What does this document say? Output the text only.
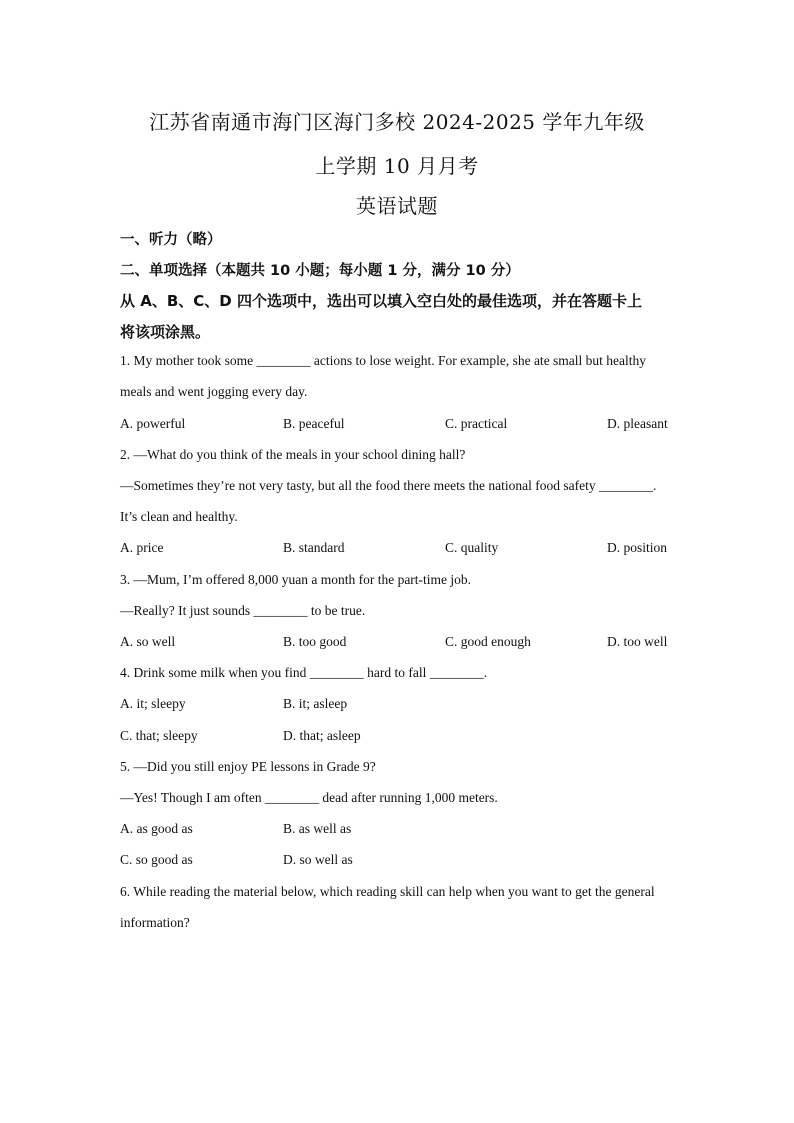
江苏省南通市海门区海门多校 2024-2025 学年九年级
上学期 10 月月考
英语试题
一、听力（略）
二、单项选择（本题共 10 小题；每小题 1 分，满分 10 分）
从 A、B、C、D 四个选项中，选出可以填入空白处的最佳选项，并在答题卡上
将该项涂黑。
1. My mother took some ________ actions to lose weight. For example, she ate small but healthy
meals and went jogging every day.
A. powerful	B. peaceful	C. practical	D. pleasant
2. —What do you think of the meals in your school dining hall?
—Sometimes they’re not very tasty, but all the food there meets the national food safety ________.
It’s clean and healthy.
A. price	B. standard	C. quality	D. position
3. —Mum, I’m offered 8,000 yuan a month for the part-time job.
—Really? It just sounds ________ to be true.
A. so well	B. too good	C. good enough	D. too well
4. Drink some milk when you find ________ hard to fall ________.
A. it; sleepy	B. it; asleep
C. that; sleepy	D. that; asleep
5. —Did you still enjoy PE lessons in Grade 9?
—Yes! Though I am often ________ dead after running 1,000 meters.
A. as good as	B. as well as
C. so good as	D. so well as
6. While reading the material below, which reading skill can help when you want to get the general
information?
